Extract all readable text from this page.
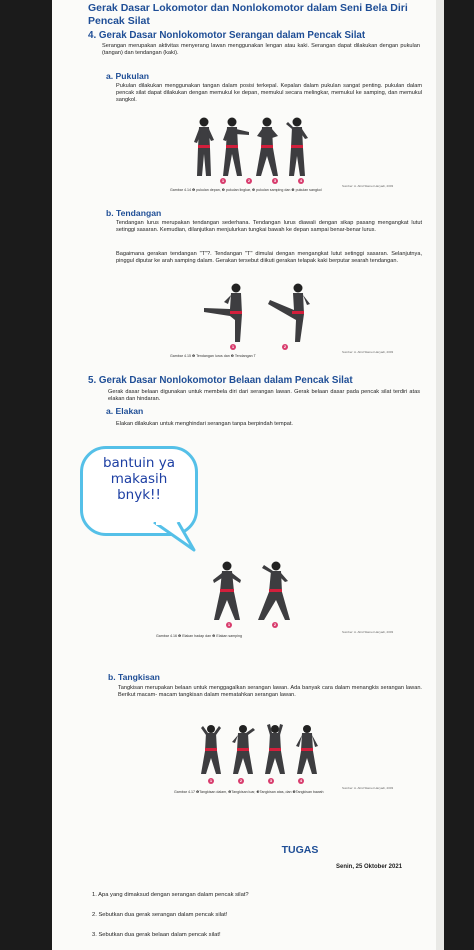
Gerak Dasar Lokomotor dan Nonlokomotor dalam Seni Bela Diri Pencak Silat
4. Gerak Dasar Nonlokomotor Serangan dalam Pencak Silat
Serangan merupakan aktivitas menyerang lawan menggunakan lengan atau kaki. Serangan dapat dilakukan dengan pukulan (tangan) dan tendangan (kaki).
a. Pukulan
Pukulan dilakukan menggunakan tangan dalam posisi terkepal. Kepalan dalam pukulan sangat penting. pukulan dalam pencak silat dapat dilakukan dengan memukul ke depan, memukul secara melingkar, memukul ke samping, dan memukul sangkol.
1	2	3	4
Sumber: A. Abid Slamet Haryadi, 2003
Gambar 4.14 ❶ pukulan depan, ❷ pukulan lingkar, ❸ pukulan samping dan ❹ pukulan sangkol
b. Tendangan
Tendangan lurus merupakan tendangan sederhana. Tendangan lurus diawali dengan sikap pasang mengangkat lutut setinggi sasaran. Kemudian, dilanjutkan menjulurkan tungkai bawah ke depan sampai benar-benar lurus.
Bagaimana gerakan tendangan "T"?. Tendangan "T" dimulai dengan mengangkat lutut setinggi sasaran. Selanjutnya, pinggul diputar ke arah samping dalam. Gerakan tersebut diikuti gerakan telapak kaki berputar searah tendangan.
1	2
Sumber: A. Abid Slamet Haryadi, 2003
Gambar 4.15 ❶ Tendangan lurus dan ❷ Tendangan T
5. Gerak Dasar Nonlokomotor Belaan dalam Pencak Silat
Gerak dasar belaan digunakan untuk membela diri dari serangan lawan. Gerak belaan dasar pada pencak silat terdiri atas elakan dan hindaran.
a. Elakan
Elakan dilakukan untuk menghindari serangan tanpa berpindah tempat.
1	2
Sumber: A. Abid Slamet Haryadi, 2003
Gambar 4.16 ❶ Elakan hadap dan ❷ Elakan samping
b. Tangkisan
Tangkisan merupakan belaan untuk menggagalkan serangan lawan. Ada banyak cara dalam menangkis serangan lawan. Berikut macam- macam tangkisan dalam mematahkan serangan lawan.
1	2	3	4
Sumber: A. Abid Slamet Haryadi, 2003
Gambar 4.17 ❶Tangkisan dalam, ❷Tangkisan luar, ❸Tangkisan atas, dan ❹Tangkisan bawah
TUGAS
Senin, 25 Oktober 2021
1. Apa yang dimaksud dengan serangan dalam pencak silat?
2. Sebutkan dua gerak serangan dalam pencak silat!
3. Sebutkan dua gerak belaan dalam pencak silat!
bantuin ya
makasih
bnyk!!
